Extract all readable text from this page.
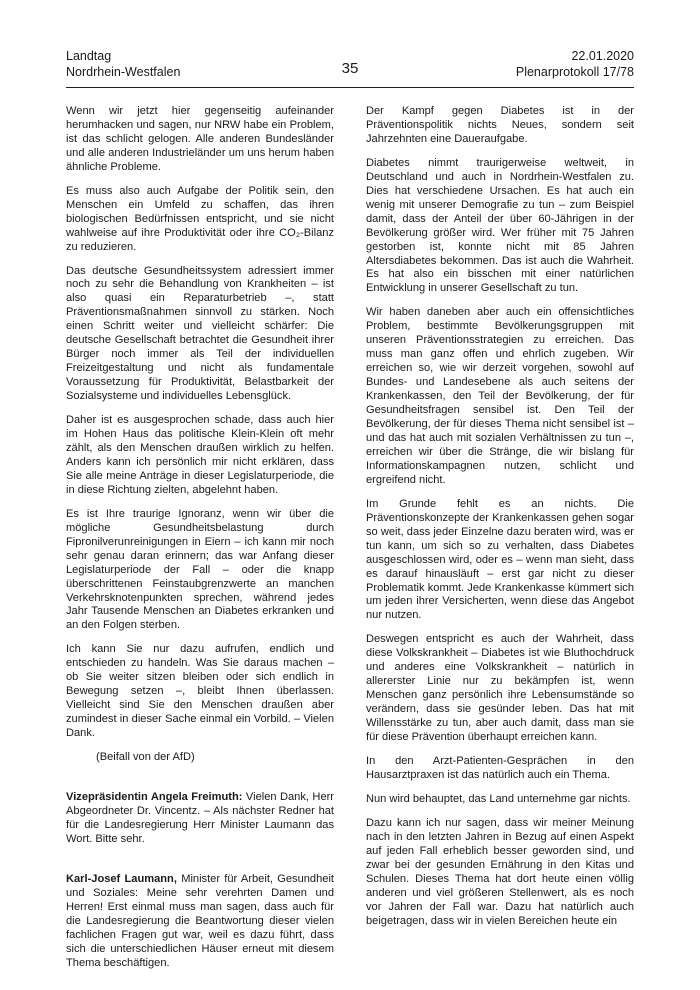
Landtag
Nordrhein-Westfalen	35
22.01.2020
Plenarprotokoll 17/78

Wenn wir jetzt hier gegenseitig aufeinander herumhacken und sagen, nur NRW habe ein Problem, ist das schlicht gelogen. Alle anderen Bundesländer und alle anderen Industrieländer um uns herum haben ähnliche Probleme.

Es muss also auch Aufgabe der Politik sein, den Menschen ein Umfeld zu schaffen, das ihren biologischen Bedürfnissen entspricht, und sie nicht wahlweise auf ihre Produktivität oder ihre CO₂-Bilanz zu reduzieren.

Das deutsche Gesundheitssystem adressiert immer noch zu sehr die Behandlung von Krankheiten – ist also quasi ein Reparaturbetrieb –, statt Präventionsmaßnahmen sinnvoll zu stärken. Noch einen Schritt weiter und vielleicht schärfer: Die deutsche Gesellschaft betrachtet die Gesundheit ihrer Bürger noch immer als Teil der individuellen Freizeitgestaltung und nicht als fundamentale Voraussetzung für Produktivität, Belastbarkeit der Sozialsysteme und individuelles Lebensglück.

Daher ist es ausgesprochen schade, dass auch hier im Hohen Haus das politische Klein-Klein oft mehr zählt, als den Menschen draußen wirklich zu helfen. Anders kann ich persönlich mir nicht erklären, dass Sie alle meine Anträge in dieser Legislaturperiode, die in diese Richtung zielten, abgelehnt haben.

Es ist Ihre traurige Ignoranz, wenn wir über die mögliche Gesundheitsbelastung durch Fipronilverunreinigungen in Eiern – ich kann mir noch sehr genau daran erinnern; das war Anfang dieser Legislaturperiode der Fall – oder die knapp überschrittenen Feinstaubgrenzwerte an manchen Verkehrsknotenpunkten sprechen, während jedes Jahr Tausende Menschen an Diabetes erkranken und an den Folgen sterben.

Ich kann Sie nur dazu aufrufen, endlich und entschieden zu handeln. Was Sie daraus machen – ob Sie weiter sitzen bleiben oder sich endlich in Bewegung setzen –, bleibt Ihnen überlassen. Vielleicht sind Sie den Menschen draußen aber zumindest in dieser Sache einmal ein Vorbild. – Vielen Dank.

(Beifall von der AfD)

Vizepräsidentin Angela Freimuth: Vielen Dank, Herr Abgeordneter Dr. Vincentz. – Als nächster Redner hat für die Landesregierung Herr Minister Laumann das Wort. Bitte sehr.

Karl-Josef Laumann, Minister für Arbeit, Gesundheit und Soziales: Meine sehr verehrten Damen und Herren! Erst einmal muss man sagen, dass auch für die Landesregierung die Beantwortung dieser vielen fachlichen Fragen gut war, weil es dazu führt, dass sich die unterschiedlichen Häuser erneut mit diesem Thema beschäftigen.

Der Kampf gegen Diabetes ist in der Präventionspolitik nichts Neues, sondern seit Jahrzehnten eine Daueraufgabe.

Diabetes nimmt traurigerweise weltweit, in Deutschland und auch in Nordrhein-Westfalen zu. Dies hat verschiedene Ursachen. Es hat auch ein wenig mit unserer Demografie zu tun – zum Beispiel damit, dass der Anteil der über 60-Jährigen in der Bevölkerung größer wird. Wer früher mit 75 Jahren gestorben ist, konnte nicht mit 85 Jahren Altersdiabetes bekommen. Das ist auch die Wahrheit. Es hat also ein bisschen mit einer natürlichen Entwicklung in unserer Gesellschaft zu tun.

Wir haben daneben aber auch ein offensichtliches Problem, bestimmte Bevölkerungsgruppen mit unseren Präventionsstrategien zu erreichen. Das muss man ganz offen und ehrlich zugeben. Wir erreichen so, wie wir derzeit vorgehen, sowohl auf Bundes- und Landesebene als auch seitens der Krankenkassen, den Teil der Bevölkerung, der für Gesundheitsfragen sensibel ist. Den Teil der Bevölkerung, der für dieses Thema nicht sensibel ist – und das hat auch mit sozialen Verhältnissen zu tun –, erreichen wir über die Stränge, die wir bislang für Informationskampagnen nutzen, schlicht und ergreifend nicht.

Im Grunde fehlt es an nichts. Die Präventionskonzepte der Krankenkassen gehen sogar so weit, dass jeder Einzelne dazu beraten wird, was er tun kann, um sich so zu verhalten, dass Diabetes ausgeschlossen wird, oder es – wenn man sieht, dass es darauf hinausläuft – erst gar nicht zu dieser Problematik kommt. Jede Krankenkasse kümmert sich um jeden ihrer Versicherten, wenn diese das Angebot nur nutzen.

Deswegen entspricht es auch der Wahrheit, dass diese Volkskrankheit – Diabetes ist wie Bluthochdruck und anderes eine Volkskrankheit – natürlich in allererster Linie nur zu bekämpfen ist, wenn Menschen ganz persönlich ihre Lebensumstände so verändern, dass sie gesünder leben. Das hat mit Willensstärke zu tun, aber auch damit, dass man sie für diese Prävention überhaupt erreichen kann.

In den Arzt-Patienten-Gesprächen in den Hausarztpraxen ist das natürlich auch ein Thema.

Nun wird behauptet, das Land unternehme gar nichts.

Dazu kann ich nur sagen, dass wir meiner Meinung nach in den letzten Jahren in Bezug auf einen Aspekt auf jeden Fall erheblich besser geworden sind, und zwar bei der gesunden Ernährung in den Kitas und Schulen. Dieses Thema hat dort heute einen völlig anderen und viel größeren Stellenwert, als es noch vor Jahren der Fall war. Dazu hat natürlich auch beigetragen, dass wir in vielen Bereichen heute ein
